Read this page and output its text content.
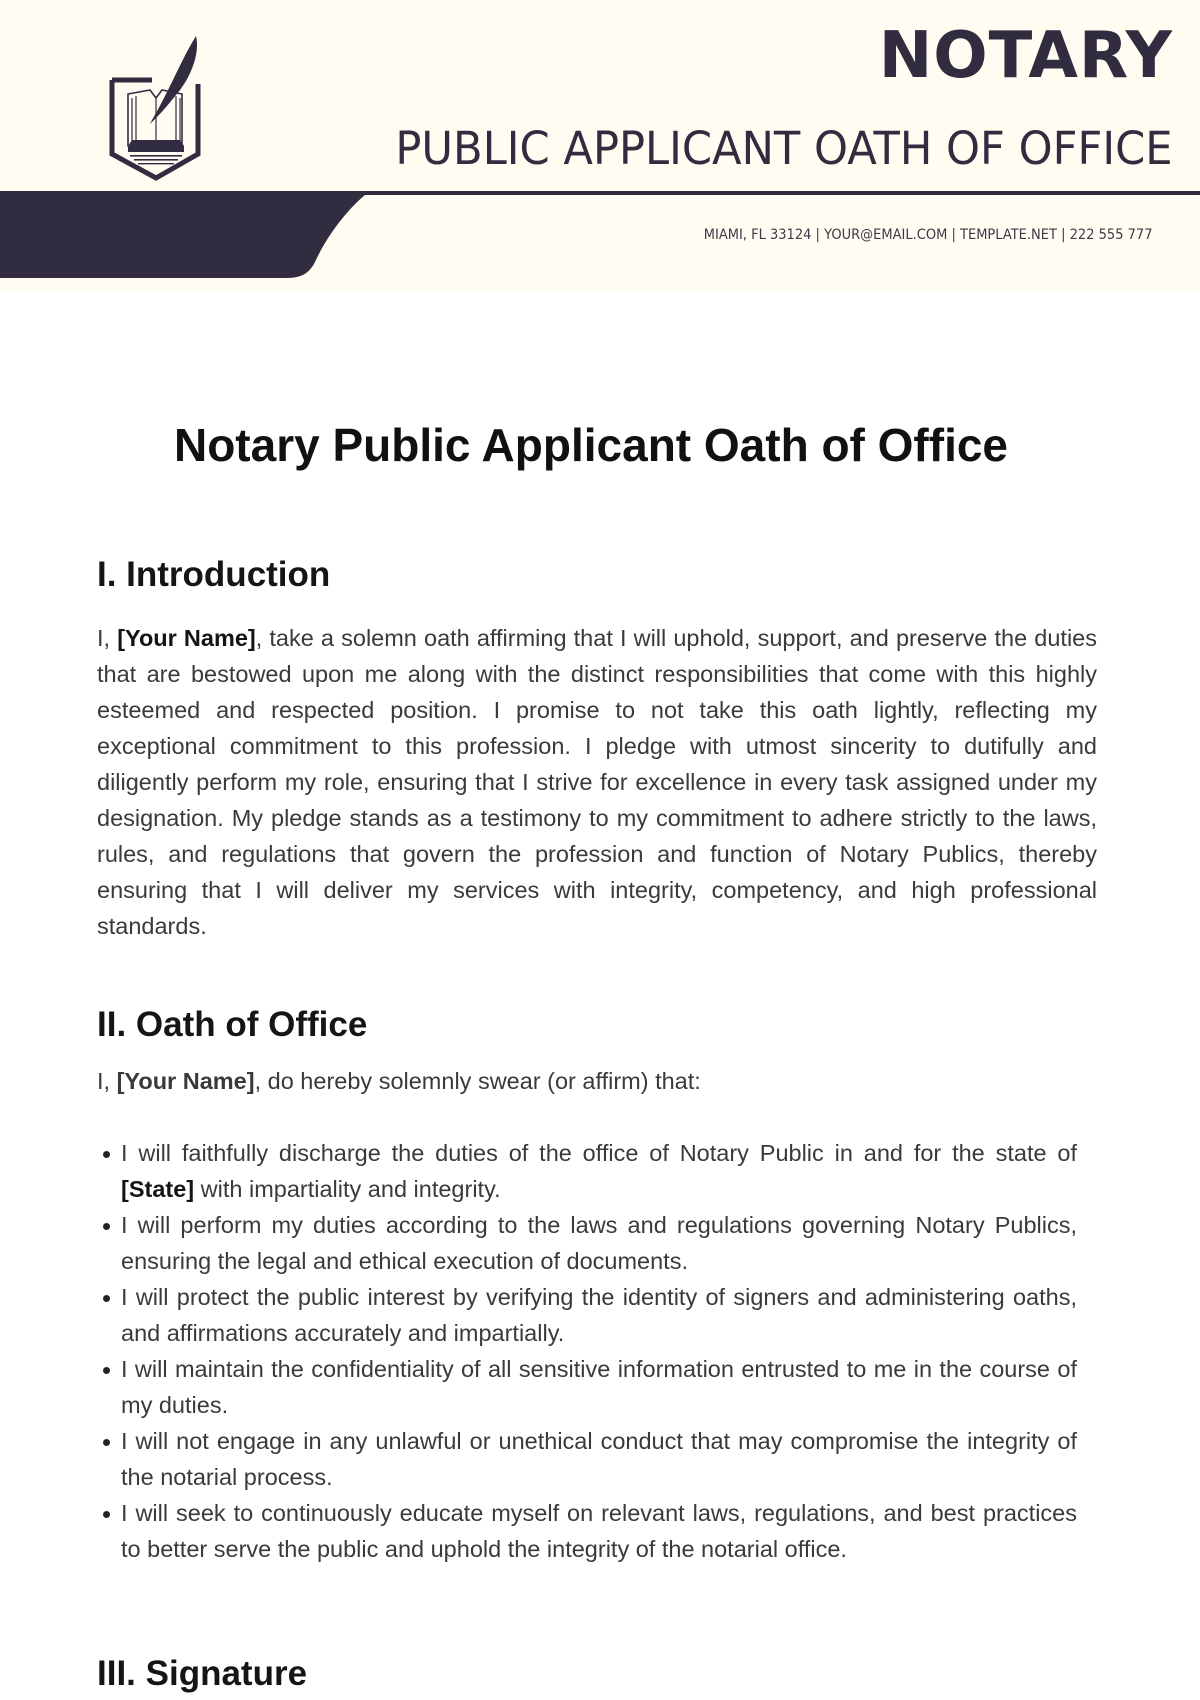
NOTARY
PUBLIC APPLICANT OATH OF OFFICE
MIAMI, FL 33124 | YOUR@EMAIL.COM | TEMPLATE.NET | 222 555 777
Notary Public Applicant Oath of Office
I. Introduction

I, [Your Name], take a solemn oath affirming that I will uphold, support, and preserve the duties that are bestowed upon me along with the distinct responsibilities that come with this highly esteemed and respected position. I promise to not take this oath lightly, reflecting my exceptional commitment to this profession. I pledge with utmost sincerity to dutifully and diligently perform my role, ensuring that I strive for excellence in every task assigned under my designation. My pledge stands as a testimony to my commitment to adhere strictly to the laws, rules, and regulations that govern the profession and function of Notary Publics, thereby ensuring that I will deliver my services with integrity, competency, and high professional standards.

II. Oath of Office

I, [Your Name], do hereby solemnly swear (or affirm) that:

I will faithfully discharge the duties of the office of Notary Public in and for the state of [State] with impartiality and integrity.
I will perform my duties according to the laws and regulations governing Notary Publics, ensuring the legal and ethical execution of documents.
I will protect the public interest by verifying the identity of signers and administering oaths, and affirmations accurately and impartially.
I will maintain the confidentiality of all sensitive information entrusted to me in the course of my duties.
I will not engage in any unlawful or unethical conduct that may compromise the integrity of the notarial process.
I will seek to continuously educate myself on relevant laws, regulations, and best practices to better serve the public and uphold the integrity of the notarial office.
III. Signature
